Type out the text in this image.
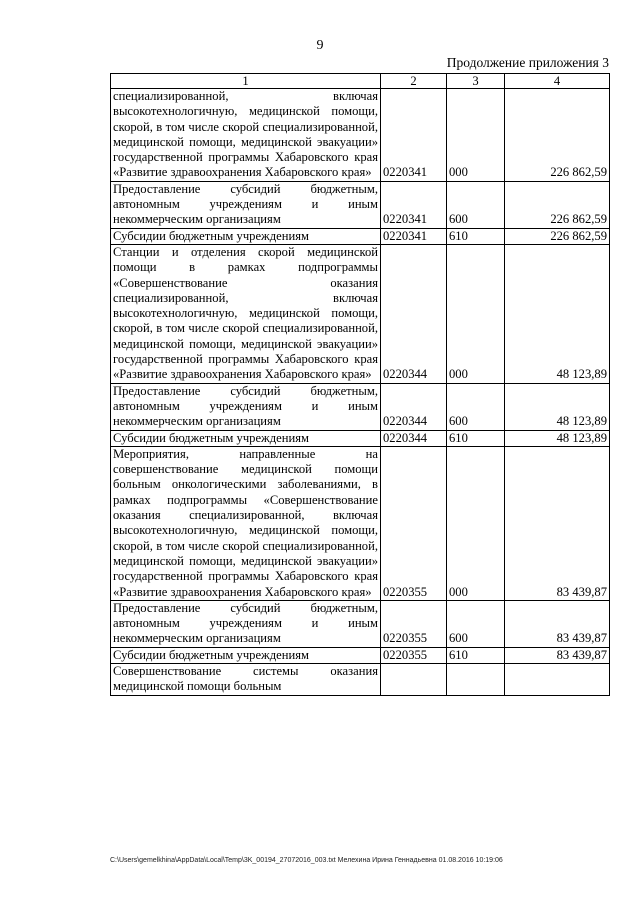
9
Продолжение приложения 3
1	2	3	4
специализированной, включая высокотехнологичную, медицинской помощи, скорой, в том числе скорой специализированной, медицинской помощи, медицинской эвакуации» государственной программы Хабаровского края «Развитие здравоохранения Хабаровского края»	0220341	000	226 862,59
Предоставление субсидий бюджетным, автономным учреждениям и иным некоммерческим организациям	0220341	600	226 862,59
Субсидии бюджетным учреждениям	0220341	610	226 862,59
Станции и отделения скорой медицинской помощи в рамках подпрограммы «Совершенствование оказания специализированной, включая высокотехнологичную, медицинской помощи, скорой, в том числе скорой специализированной, медицинской помощи, медицинской эвакуации» государственной программы Хабаровского края «Развитие здравоохранения Хабаровского края»	0220344	000	48 123,89
Предоставление субсидий бюджетным, автономным учреждениям и иным некоммерческим организациям	0220344	600	48 123,89
Субсидии бюджетным учреждениям	0220344	610	48 123,89
Мероприятия, направленные на совершенствование медицинской помощи больным онкологическими заболеваниями, в рамках подпрограммы «Совершенствование оказания специализированной, включая высокотехнологичную, медицинской помощи, скорой, в том числе скорой специализированной, медицинской помощи, медицинской эвакуации» государственной программы Хабаровского края «Развитие здравоохранения Хабаровского края»	0220355	000	83 439,87
Предоставление субсидий бюджетным, автономным учреждениям и иным некоммерческим организациям	0220355	600	83 439,87
Субсидии бюджетным учреждениям	0220355	610	83 439,87
Совершенствование системы оказания медицинской помощи больным			
C:\Users\gemelkhina\AppData\Local\Temp\3K_00194_27072016_003.txt Мелехина Ирина Геннадьевна 01.08.2016 10:19:06
